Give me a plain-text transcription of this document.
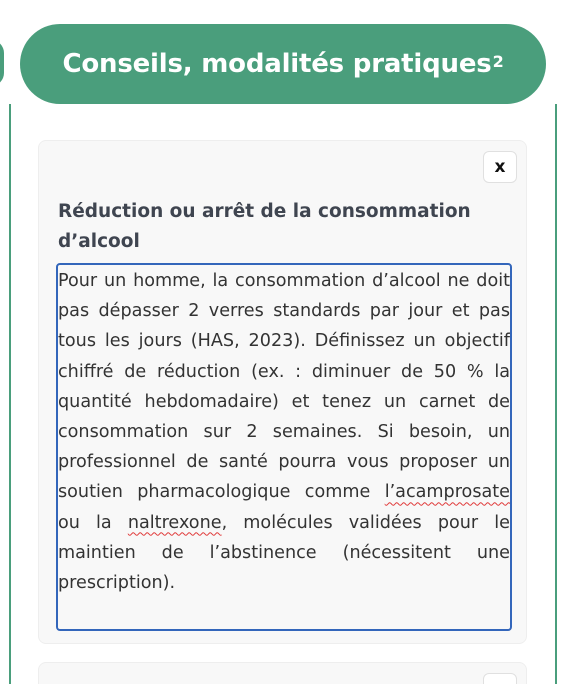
Conseils, modalités pratiques$^2$
x
Réduction ou arrêt de la consommation d’alcool
Pour un homme, la consommation d’alcool ne doit pas dépasser 2 verres standards par jour et pas tous les jours (HAS, 2023). Définissez un objectif chiffré de réduction (ex. : diminuer de 50 % la quantité hebdomadaire) et tenez un carnet de consommation sur 2 semaines. Si besoin, un professionnel de santé pourra vous proposer un soutien pharmacologique comme l’acamprosate ou la naltrexone, molécules validées pour le maintien de l’abstinence (nécessitent une prescription).
